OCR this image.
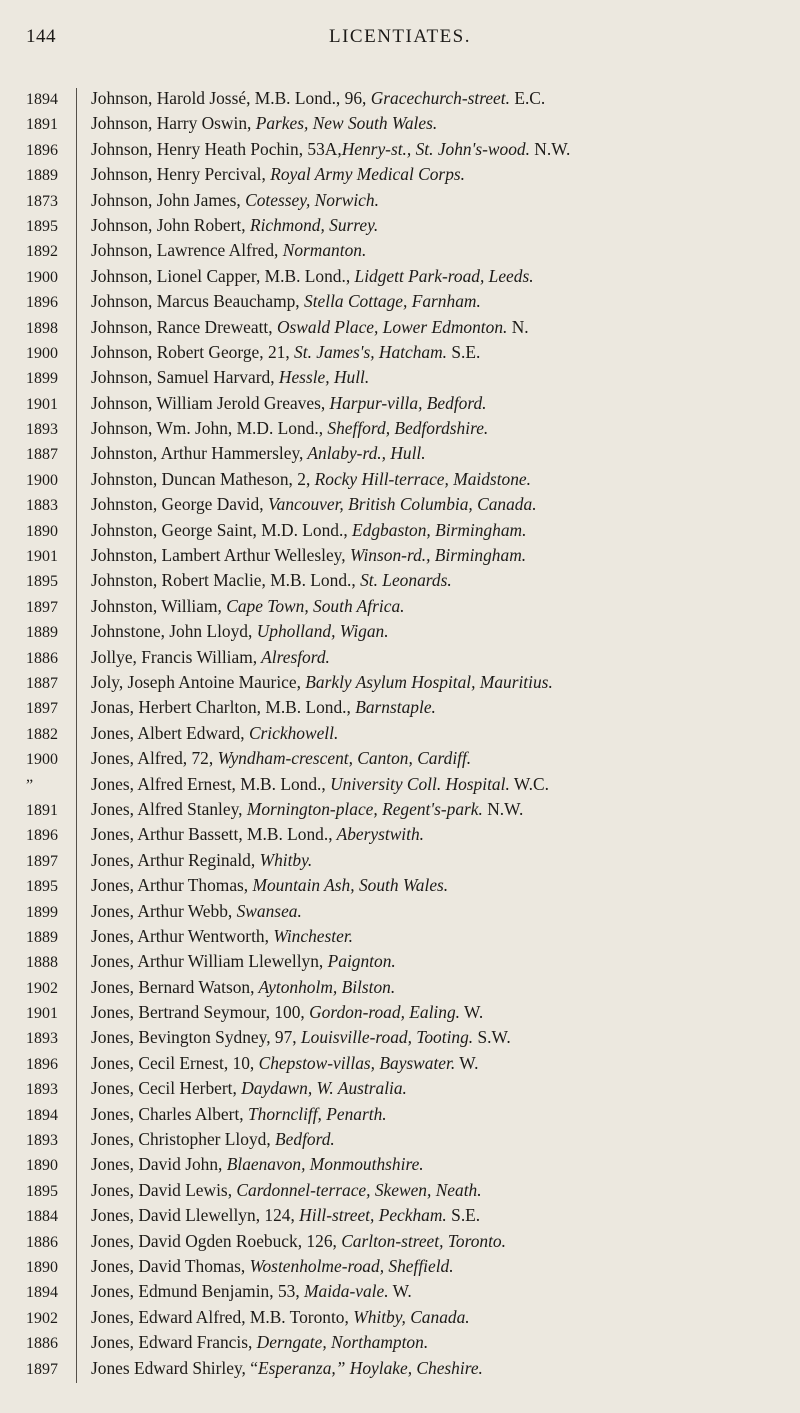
144	LICENTIATES.
1894	Johnson, Harold Jossé, M.B. Lond., 96, Gracechurch-street. E.C.
1891	Johnson, Harry Oswin, Parkes, New South Wales.
1896	Johnson, Henry Heath Pochin, 53A,Henry-st., St. John's-wood. N.W.
1889	Johnson, Henry Percival, Royal Army Medical Corps.
1873	Johnson, John James, Cotessey, Norwich.
1895	Johnson, John Robert, Richmond, Surrey.
1892	Johnson, Lawrence Alfred, Normanton.
1900	Johnson, Lionel Capper, M.B. Lond., Lidgett Park-road, Leeds.
1896	Johnson, Marcus Beauchamp, Stella Cottage, Farnham.
1898	Johnson, Rance Dreweatt, Oswald Place, Lower Edmonton. N.
1900	Johnson, Robert George, 21, St. James's, Hatcham. S.E.
1899	Johnson, Samuel Harvard, Hessle, Hull.
1901	Johnson, William Jerold Greaves, Harpur-villa, Bedford.
1893	Johnson, Wm. John, M.D. Lond., Shefford, Bedfordshire.
1887	Johnston, Arthur Hammersley, Anlaby-rd., Hull.
1900	Johnston, Duncan Matheson, 2, Rocky Hill-terrace, Maidstone.
1883	Johnston, George David, Vancouver, British Columbia, Canada.
1890	Johnston, George Saint, M.D. Lond., Edgbaston, Birmingham.
1901	Johnston, Lambert Arthur Wellesley, Winson-rd., Birmingham.
1895	Johnston, Robert Maclie, M.B. Lond., St. Leonards.
1897	Johnston, William, Cape Town, South Africa.
1889	Johnstone, John Lloyd, Upholland, Wigan.
1886	Jollye, Francis William, Alresford.
1887	Joly, Joseph Antoine Maurice, Barkly Asylum Hospital, Mauritius.
1897	Jonas, Herbert Charlton, M.B. Lond., Barnstaple.
1882	Jones, Albert Edward, Crickhowell.
1900	Jones, Alfred, 72, Wyndham-crescent, Canton, Cardiff.
”	Jones, Alfred Ernest, M.B. Lond., University Coll. Hospital. W.C.
1891	Jones, Alfred Stanley, Mornington-place, Regent's-park. N.W.
1896	Jones, Arthur Bassett, M.B. Lond., Aberystwith.
1897	Jones, Arthur Reginald, Whitby.
1895	Jones, Arthur Thomas, Mountain Ash, South Wales.
1899	Jones, Arthur Webb, Swansea.
1889	Jones, Arthur Wentworth, Winchester.
1888	Jones, Arthur William Llewellyn, Paignton.
1902	Jones, Bernard Watson, Aytonholm, Bilston.
1901	Jones, Bertrand Seymour, 100, Gordon-road, Ealing. W.
1893	Jones, Bevington Sydney, 97, Louisville-road, Tooting. S.W.
1896	Jones, Cecil Ernest, 10, Chepstow-villas, Bayswater. W.
1893	Jones, Cecil Herbert, Daydawn, W. Australia.
1894	Jones, Charles Albert, Thorncliff, Penarth.
1893	Jones, Christopher Lloyd, Bedford.
1890	Jones, David John, Blaenavon, Monmouthshire.
1895	Jones, David Lewis, Cardonnel-terrace, Skewen, Neath.
1884	Jones, David Llewellyn, 124, Hill-street, Peckham. S.E.
1886	Jones, David Ogden Roebuck, 126, Carlton-street, Toronto.
1890	Jones, David Thomas, Wostenholme-road, Sheffield.
1894	Jones, Edmund Benjamin, 53, Maida-vale. W.
1902	Jones, Edward Alfred, M.B. Toronto, Whitby, Canada.
1886	Jones, Edward Francis, Derngate, Northampton.
1897	Jones Edward Shirley, “Esperanza,” Hoylake, Cheshire.
